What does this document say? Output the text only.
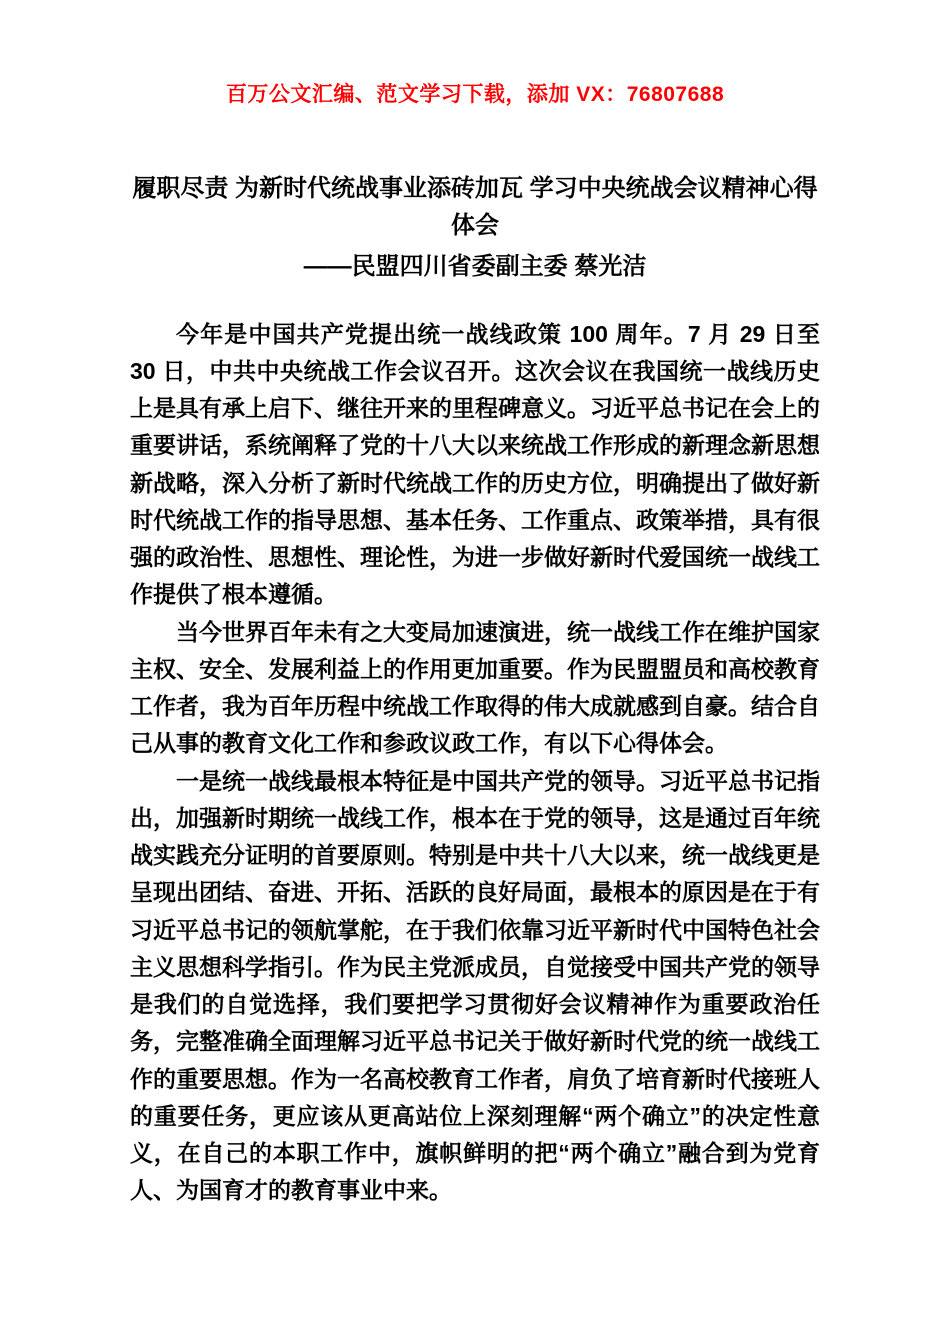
百万公文汇编、范文学习下载，添加 VX：76807688
履职尽责 为新时代统战事业添砖加瓦 学习中央统战会议精神心得体会
——民盟四川省委副主委 蔡光洁

今年是中国共产党提出统一战线政策 100 周年。7 月 29 日至 30 日，中共中央统战工作会议召开。这次会议在我国统一战线历史上是具有承上启下、继往开来的里程碑意义。习近平总书记在会上的重要讲话，系统阐释了党的十八大以来统战工作形成的新理念新思想新战略，深入分析了新时代统战工作的历史方位，明确提出了做好新时代统战工作的指导思想、基本任务、工作重点、政策举措，具有很强的政治性、思想性、理论性，为进一步做好新时代爱国统一战线工作提供了根本遵循。

当今世界百年未有之大变局加速演进，统一战线工作在维护国家主权、安全、发展利益上的作用更加重要。作为民盟盟员和高校教育工作者，我为百年历程中统战工作取得的伟大成就感到自豪。结合自己从事的教育文化工作和参政议政工作，有以下心得体会。

一是统一战线最根本特征是中国共产党的领导。习近平总书记指出，加强新时期统一战线工作，根本在于党的领导，这是通过百年统战实践充分证明的首要原则。特别是中共十八大以来，统一战线更是呈现出团结、奋进、开拓、活跃的良好局面，最根本的原因是在于有习近平总书记的领航掌舵，在于我们依靠习近平新时代中国特色社会主义思想科学指引。作为民主党派成员，自觉接受中国共产党的领导是我们的自觉选择，我们要把学习贯彻好会议精神作为重要政治任务，完整准确全面理解习近平总书记关于做好新时代党的统一战线工作的重要思想。作为一名高校教育工作者，肩负了培育新时代接班人的重要任务，更应该从更高站位上深刻理解“两个确立”的决定性意义，在自己的本职工作中，旗帜鲜明的把“两个确立”融合到为党育人、为国育才的教育事业中来。
